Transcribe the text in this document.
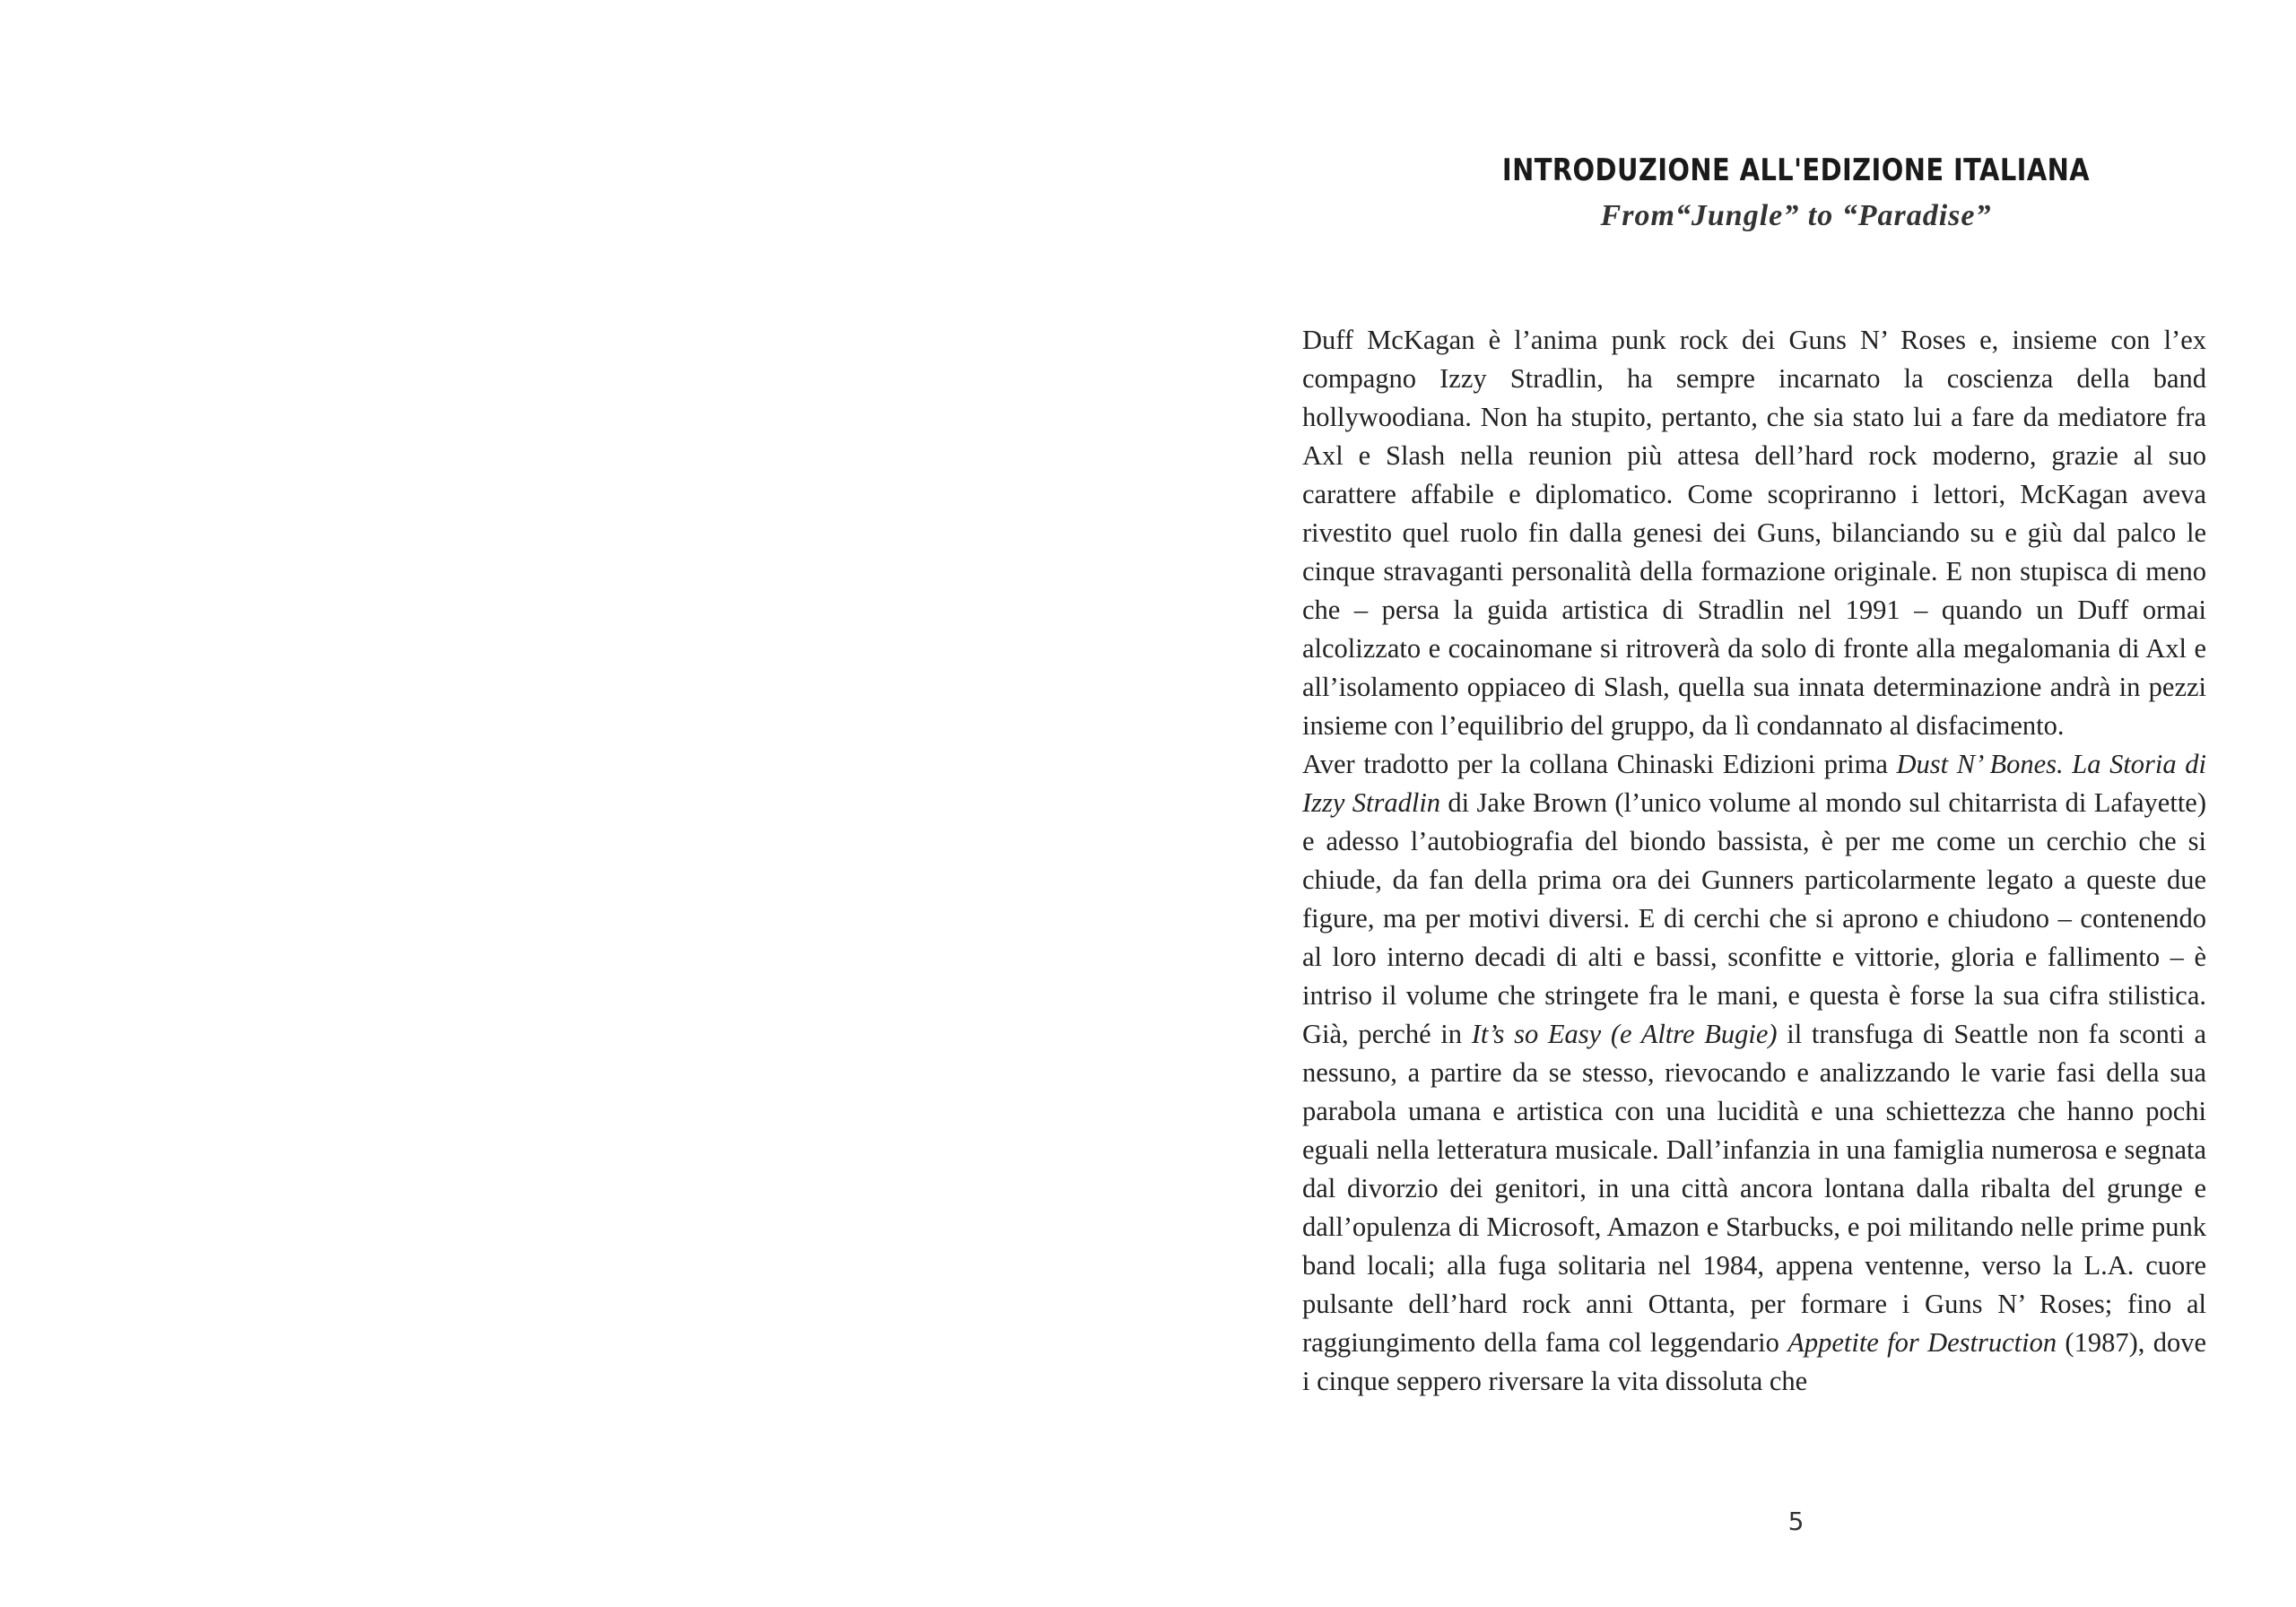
INTRODUZIONE ALL'EDIZIONE ITALIANA
From“Jungle” to “Paradise”

Duff McKagan è l’anima punk rock dei Guns N’ Roses e, insieme con l’ex compagno Izzy Stradlin, ha sempre incarnato la coscienza della band hollywoodiana. Non ha stupito, pertanto, che sia stato lui a fare da mediatore fra Axl e Slash nella reunion più attesa dell’hard rock moderno, grazie al suo carattere affabile e diplomatico. Come scopriranno i lettori, McKagan aveva rivestito quel ruolo fin dalla genesi dei Guns, bilanciando su e giù dal palco le cinque stravaganti personalità della formazione originale. E non stupisca di meno che – persa la guida artistica di Stradlin nel 1991 – quando un Duff ormai alcolizzato e cocainomane si ritroverà da solo di fronte alla megalomania di Axl e all’isolamento oppiaceo di Slash, quella sua innata determinazione andrà in pezzi insieme con l’equilibrio del gruppo, da lì condannato al disfacimento.

Aver tradotto per la collana Chinaski Edizioni prima Dust N’ Bones. La Storia di Izzy Stradlin di Jake Brown (l’unico volume al mondo sul chitarrista di Lafayette) e adesso l’autobiografia del biondo bassista, è per me come un cerchio che si chiude, da fan della prima ora dei Gunners particolarmente legato a queste due figure, ma per motivi diversi. E di cerchi che si aprono e chiudono – contenendo al loro interno decadi di alti e bassi, sconfitte e vittorie, gloria e fallimento – è intriso il volume che stringete fra le mani, e questa è forse la sua cifra stilistica. Già, perché in It’s so Easy (e Altre Bugie) il transfuga di Seattle non fa sconti a nessuno, a partire da se stesso, rievocando e analizzando le varie fasi della sua parabola umana e artistica con una lucidità e una schiettezza che hanno pochi eguali nella letteratura musicale. Dall’infanzia in una famiglia numerosa e segnata dal divorzio dei genitori, in una città ancora lontana dalla ribalta del grunge e dall’opulenza di Microsoft, Amazon e Starbucks, e poi militando nelle prime punk band locali; alla fuga solitaria nel 1984, appena ventenne, verso la L.A. cuore pulsante dell’hard rock anni Ottanta, per formare i Guns N’ Roses; fino al raggiungimento della fama col leggendario Appetite for Destruction (1987), dove i cinque seppero riversare la vita dissoluta che

5
